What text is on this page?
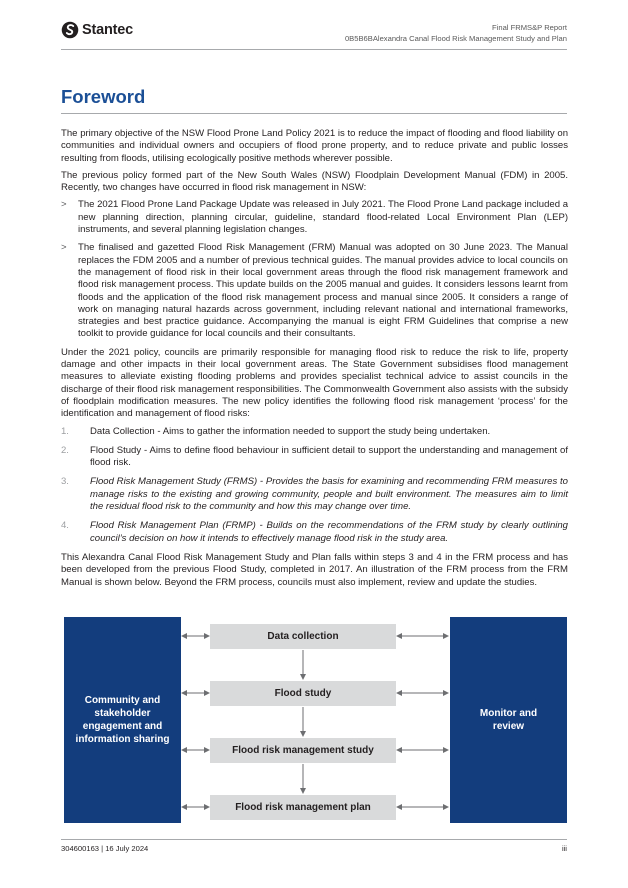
Stantec	Final FRMS&P Report
0B5B6BAlexandra Canal Flood Risk Management Study and Plan
Foreword

The primary objective of the NSW Flood Prone Land Policy 2021 is to reduce the impact of flooding and flood liability on communities and individual owners and occupiers of flood prone property, and to reduce private and public losses resulting from floods, utilising ecologically positive methods wherever possible.

The previous policy formed part of the New South Wales (NSW) Floodplain Development Manual (FDM) in 2005. Recently, two changes have occurred in flood risk management in NSW:

> The 2021 Flood Prone Land Package Update was released in July 2021. The Flood Prone Land package included a new planning direction, planning circular, guideline, standard flood-related Local Environment Plan (LEP) instruments, and several planning legislation changes.
> The finalised and gazetted Flood Risk Management (FRM) Manual was adopted on 30 June 2023. The Manual replaces the FDM 2005 and a number of previous technical guides. The manual provides advice to local councils on the management of flood risk in their local government areas through the flood risk management framework and flood risk management process. This update builds on the 2005 manual and guides. It considers lessons learnt from floods and the application of the flood risk management process and manual since 2005. It considers a range of work on managing natural hazards across government, including relevant national and international frameworks, strategies and best practice guidance. Accompanying the manual is eight FRM Guidelines that comprise a new toolkit to provide guidance for local councils and their consultants.

Under the 2021 policy, councils are primarily responsible for managing flood risk to reduce the risk to life, property damage and other impacts in their local government areas. The State Government subsidises flood management measures to alleviate existing flooding problems and provides specialist technical advice to assist councils in the discharge of their flood risk management responsibilities. The Commonwealth Government also assists with the subsidy of floodplain modification measures. The new policy identifies the following flood risk management ‘process’ for the identification and management of flood risks:

1. Data Collection - Aims to gather the information needed to support the study being undertaken.
2. Flood Study - Aims to define flood behaviour in sufficient detail to support the understanding and management of flood risk.
3. Flood Risk Management Study (FRMS) - Provides the basis for examining and recommending FRM measures to manage risks to the existing and growing community, people and built environment. The measures aim to limit the residual flood risk to the community and how this may change over time.
4. Flood Risk Management Plan (FRMP) - Builds on the recommendations of the FRM study by clearly outlining council’s decision on how it intends to effectively manage flood risk in the study area.

This Alexandra Canal Flood Risk Management Study and Plan falls within steps 3 and 4 in the FRM process and has been developed from the previous Flood Study, completed in 2017. An illustration of the FRM process from the FRM Manual is shown below. Beyond the FRM process, councils must also implement, review and update the studies.

Community and stakeholder engagement and information sharing
Monitor and review
Data collection
Flood study
Flood risk management study
Flood risk management plan
304600163 | 16 July 2024	iii
